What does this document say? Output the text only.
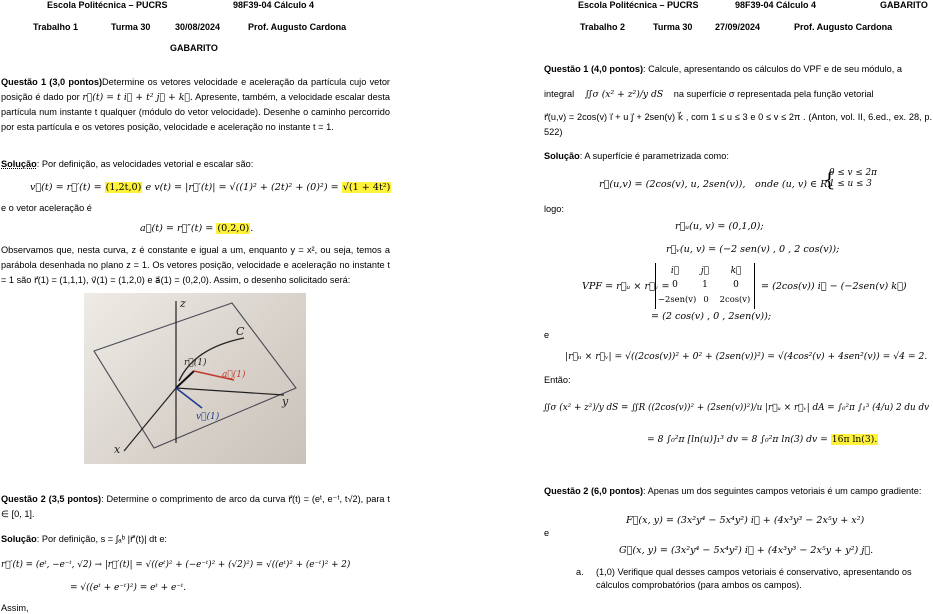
Escola Politécnica – PUCRS	98F39-04 Cálculo 4
Trabalho 1	Turma 30	30/08/2024	Prof. Augusto Cardona
GABARITO
Questão 1 (3,0 pontos)Determine os vetores velocidade e aceleração da partícula cujo vetor posição é dado por r⃗(t) = t i⃗ + t² j⃗ + k⃗. Apresente, também, a velocidade escalar desta partícula num instante t qualquer (módulo do vetor velocidade). Desenhe o caminho percorrido por esta partícula e os vetores posição, velocidade e aceleração no instante t = 1.
Solução: Por definição, as velocidades vetorial e escalar são:
v⃗(t) = r⃗′(t) = (1,2t,0) e v(t) = |r⃗′(t)| = √((1)² + (2t)² + (0)²) = √(1 + 4t²)
e o vetor aceleração é
a⃗(t) = r⃗″(t) = (0,2,0).
Observamos que, nesta curva, z é constante e igual a um, enquanto y = x², ou seja, temos a parábola desenhada no plano z = 1. Os vetores posição, velocidade e aceleração no instante t = 1 são r⃗(1) = (1,1,1), v⃗(1) = (1,2,0) e a⃗(1) = (0,2,0). Assim, o desenho solicitado será:
z
C
y
x
v⃗(1)
r⃗(1)
a⃗(1)
Questão 2 (3,5 pontos): Determine o comprimento de arco da curva r⃗(t) = (eᵗ, e⁻ᵗ, t√2), para t ∈ [0, 1].
Solução: Por definição, s = ∫ₐᵇ |r⃗′(t)| dt e:
r⃗′(t) = (eᵗ, −e⁻ᵗ, √2) → |r⃗′(t)| = √((eᵗ)² + (−e⁻ᵗ)² + (√2)²) = √((eᵗ)² + (e⁻ᵗ)² + 2)
= √((eᵗ + e⁻ᵗ)²) = eᵗ + e⁻ᵗ.
Assim,
Escola Politécnica – PUCRS	98F39-04 Cálculo 4	GABARITO
Trabalho 2	Turma 30	27/09/2024	Prof. Augusto Cardona
Questão 1 (4,0 pontos): Calcule, apresentando os cálculos do VPF e de seu módulo, a
integral ∬σ (x² + z²)/y dS na superfície σ representada pela função vetorial
r⃗(u,v) = 2cos(v) i⃗ + u j⃗ + 2sen(v) k⃗ , com 1 ≤ u ≤ 3 e 0 ≤ v ≤ 2π . (Anton, vol. II, 6.ed., ex. 28, p. 522)
Solução: A superfície é parametrizada como:
r⃗(u,v) = (2cos(v), u, 2sen(v)), onde (u, v) ∈ R:
0 ≤ v ≤ 2π
1 ≤ u ≤ 3
{
logo:
r⃗ᵤ(u, v) = (0,1,0);
r⃗ᵥ(u, v) = (−2 sen(v) , 0 , 2 cos(v));
VPF = r⃗ᵤ × r⃗ᵥ =
i⃗	j⃗	k⃗
0	1	0
−2sen(v) 0	2cos(v)
= (2cos(v)) i⃗ − (−2sen(v) k⃗)
= (2 cos(v) , 0 , 2sen(v));
e
|r⃗ᵤ × r⃗ᵥ| = √((2cos(v))² + 0² + (2sen(v))²) = √(4cos²(v) + 4sen²(v)) = √4 = 2.
Então:
∬σ (x² + z²)/y dS = ∬R ((2cos(v))² + (2sen(v))²)/u |r⃗ᵤ × r⃗ᵥ| dA = ∫₀²π ∫₁³ (4/u) 2 du dv
= 8 ∫₀²π [ln(u)]₁³ dv = 8 ∫₀²π ln(3) dv = 16π ln(3).
Questão 2 (6,0 pontos): Apenas um dos seguintes campos vetoriais é um campo gradiente:
F⃗(x, y) = (3x²y⁴ − 5x⁴y²) i⃗ + (4x³y³ − 2x⁵y + x²)
e
G⃗(x, y) = (3x²y⁴ − 5x⁴y²) i⃗ + (4x³y³ − 2x⁵y + y²) j⃗.
a. (1,0) Verifique qual desses campos vetoriais é conservativo, apresentando os cálculos comprobatórios (para ambos os campos).
